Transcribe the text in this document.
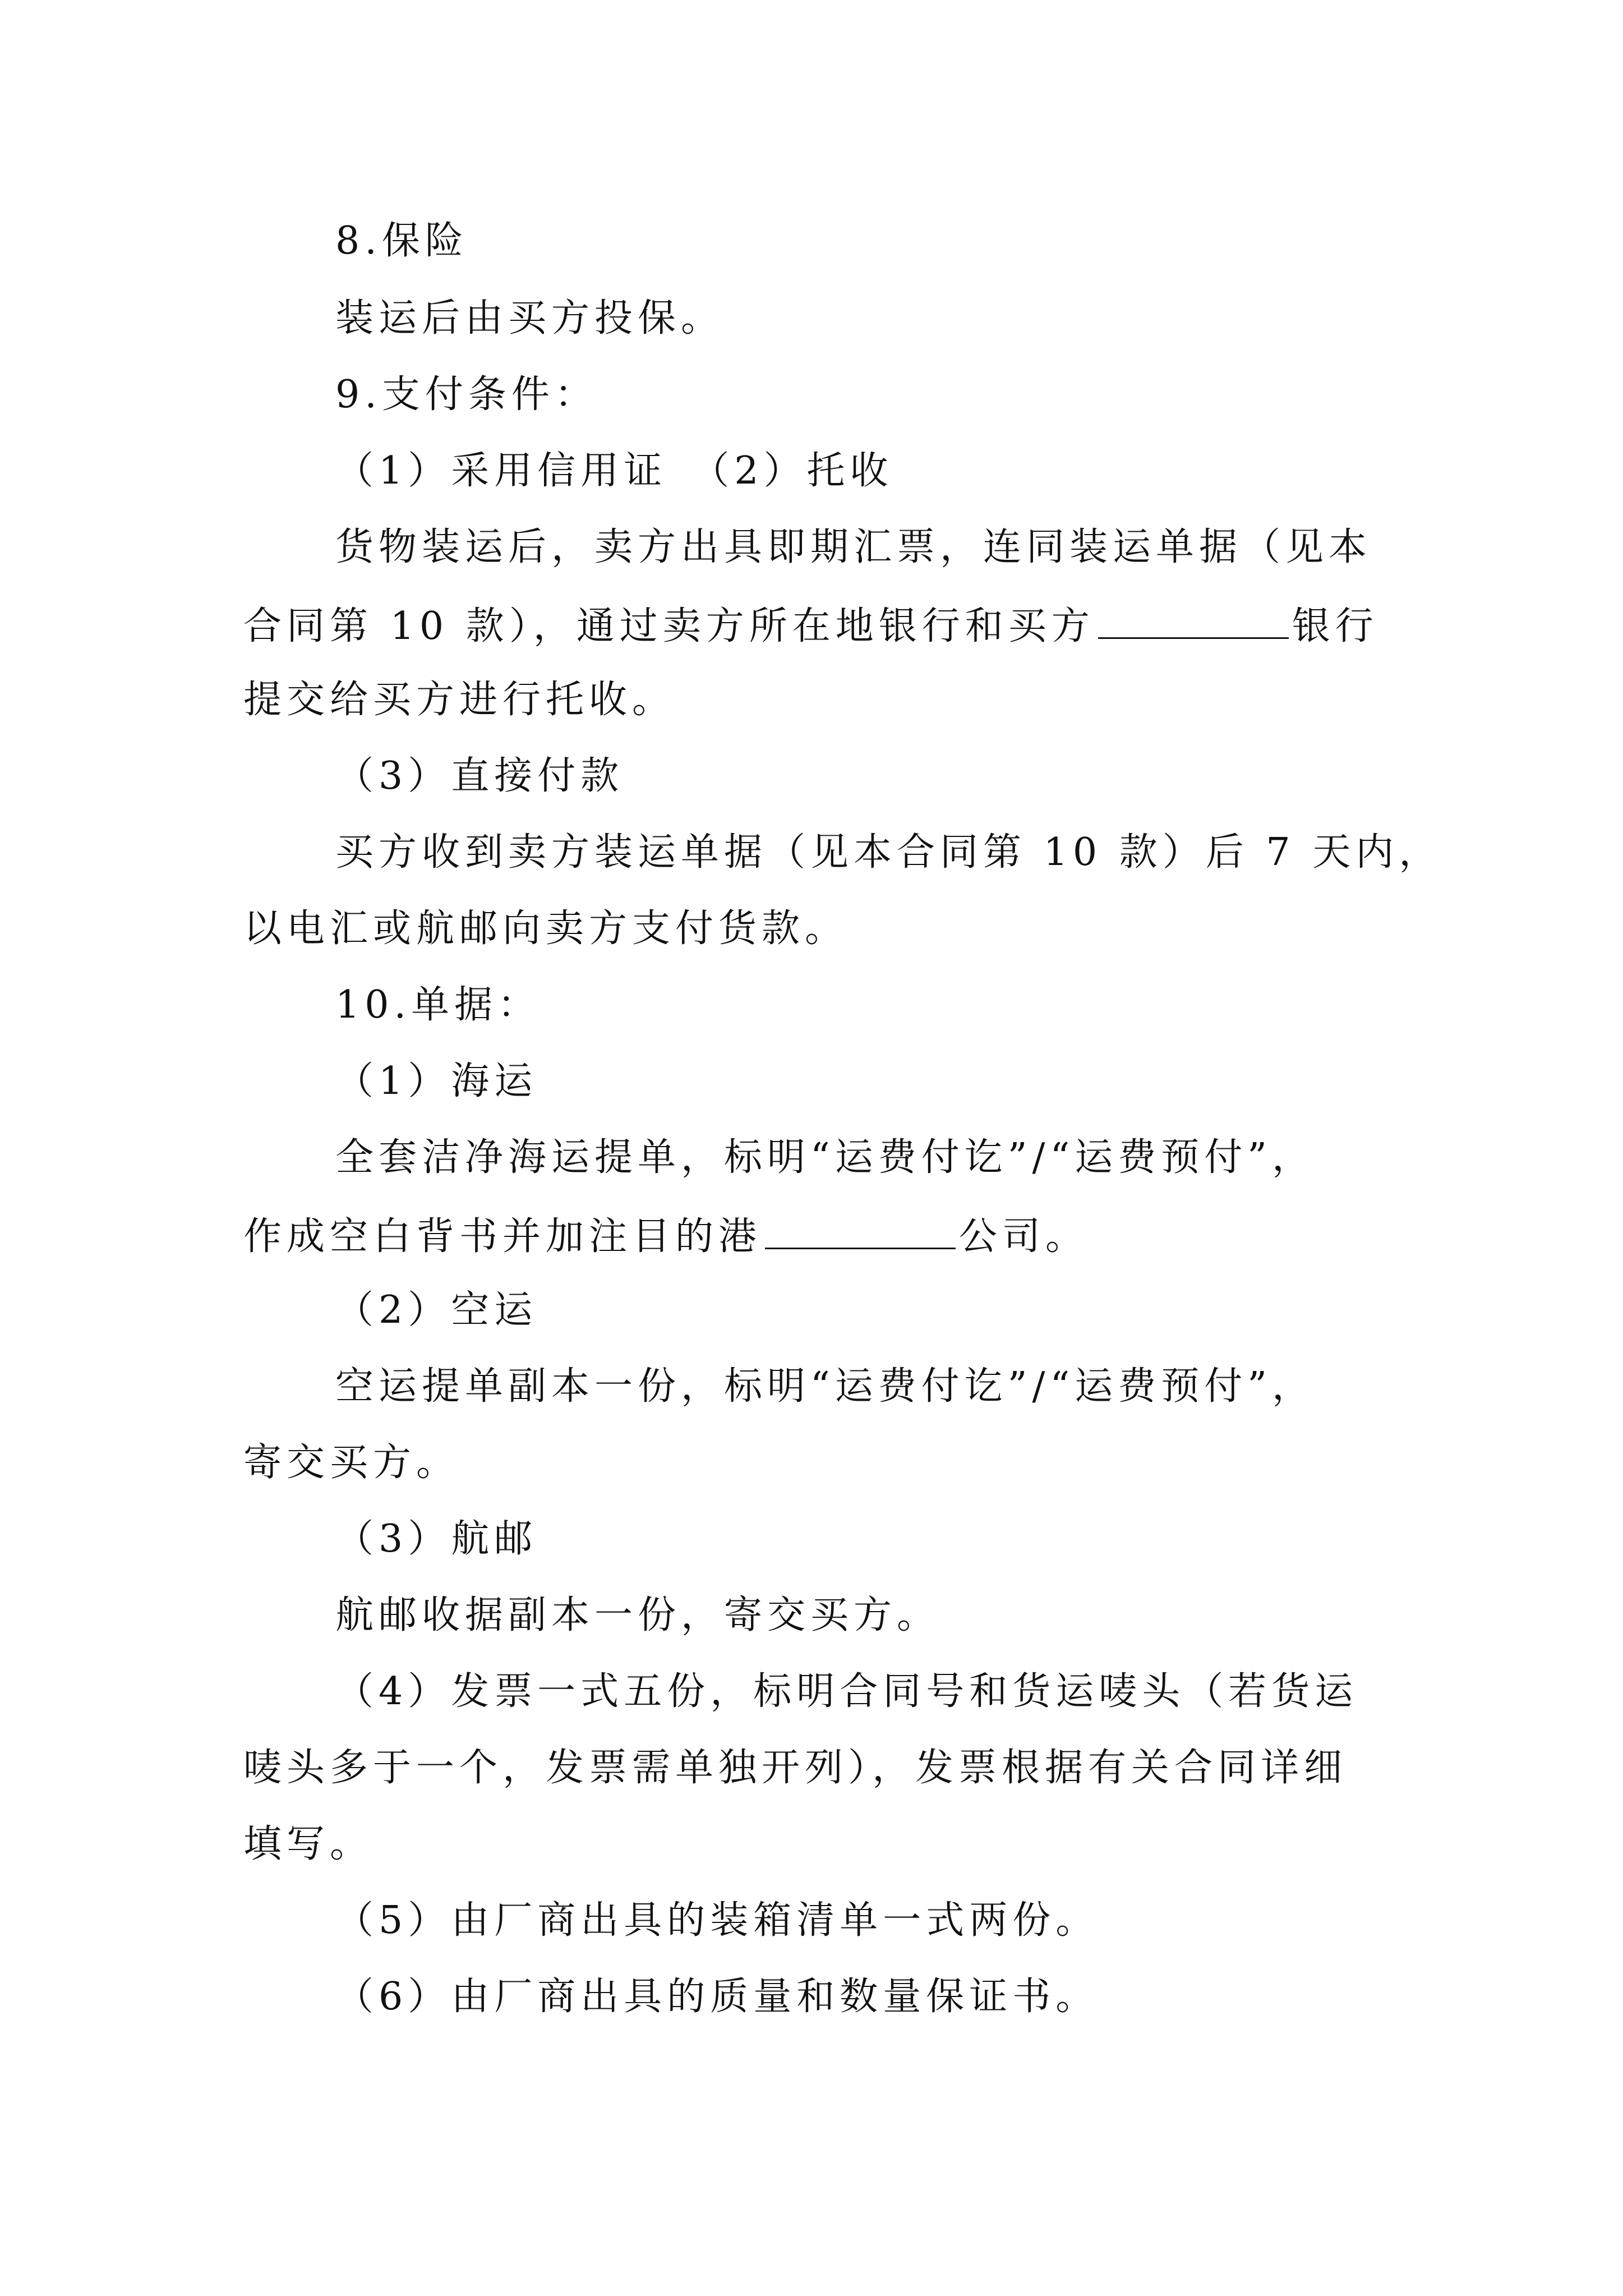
8.保险
装运后由买方投保。
9.支付条件：
（1）采用信用证　（2）托收
货物装运后，卖方出具即期汇票，连同装运单据（见本
合同第 10 款），通过卖方所在地银行和买方	银行
提交给买方进行托收。
（3）直接付款
买方收到卖方装运单据（见本合同第 10 款）后 7 天内，
以电汇或航邮向卖方支付货款。
10.单据：
（1）海运
全套洁净海运提单，标明“运费付讫”/“运费预付”，
作成空白背书并加注目的港	公司。
（2）空运
空运提单副本一份，标明“运费付讫”/“运费预付”，
寄交买方。
（3）航邮
航邮收据副本一份，寄交买方。
（4）发票一式五份，标明合同号和货运唛头（若货运
唛头多于一个，发票需单独开列），发票根据有关合同详细
填写。
（5）由厂商出具的装箱清单一式两份。
（6）由厂商出具的质量和数量保证书。
